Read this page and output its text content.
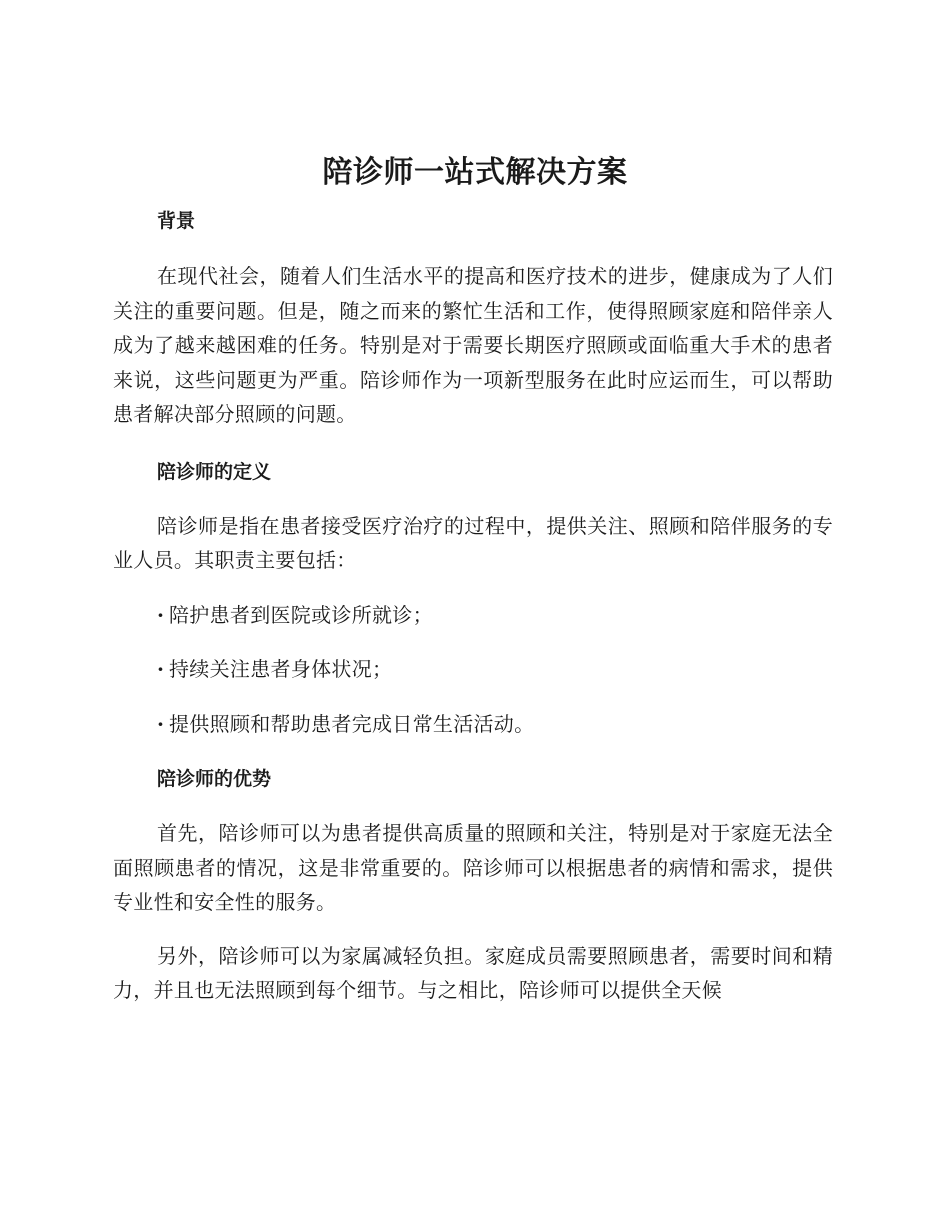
陪诊师一站式解决方案
背景

在现代社会，随着人们生活水平的提高和医疗技术的进步，健康成为了人们关注的重要问题。但是，随之而来的繁忙生活和工作，使得照顾家庭和陪伴亲人成为了越来越困难的任务。特别是对于需要长期医疗照顾或面临重大手术的患者来说，这些问题更为严重。陪诊师作为一项新型服务在此时应运而生，可以帮助患者解决部分照顾的问题。

陪诊师的定义

陪诊师是指在患者接受医疗治疗的过程中，提供关注、照顾和陪伴服务的专业人员。其职责主要包括：

· 陪护患者到医院或诊所就诊；

· 持续关注患者身体状况；

· 提供照顾和帮助患者完成日常生活活动。

陪诊师的优势

首先，陪诊师可以为患者提供高质量的照顾和关注，特别是对于家庭无法全面照顾患者的情况，这是非常重要的。陪诊师可以根据患者的病情和需求，提供专业性和安全性的服务。

另外，陪诊师可以为家属减轻负担。家庭成员需要照顾患者，需要时间和精力，并且也无法照顾到每个细节。与之相比，陪诊师可以提供全天候
